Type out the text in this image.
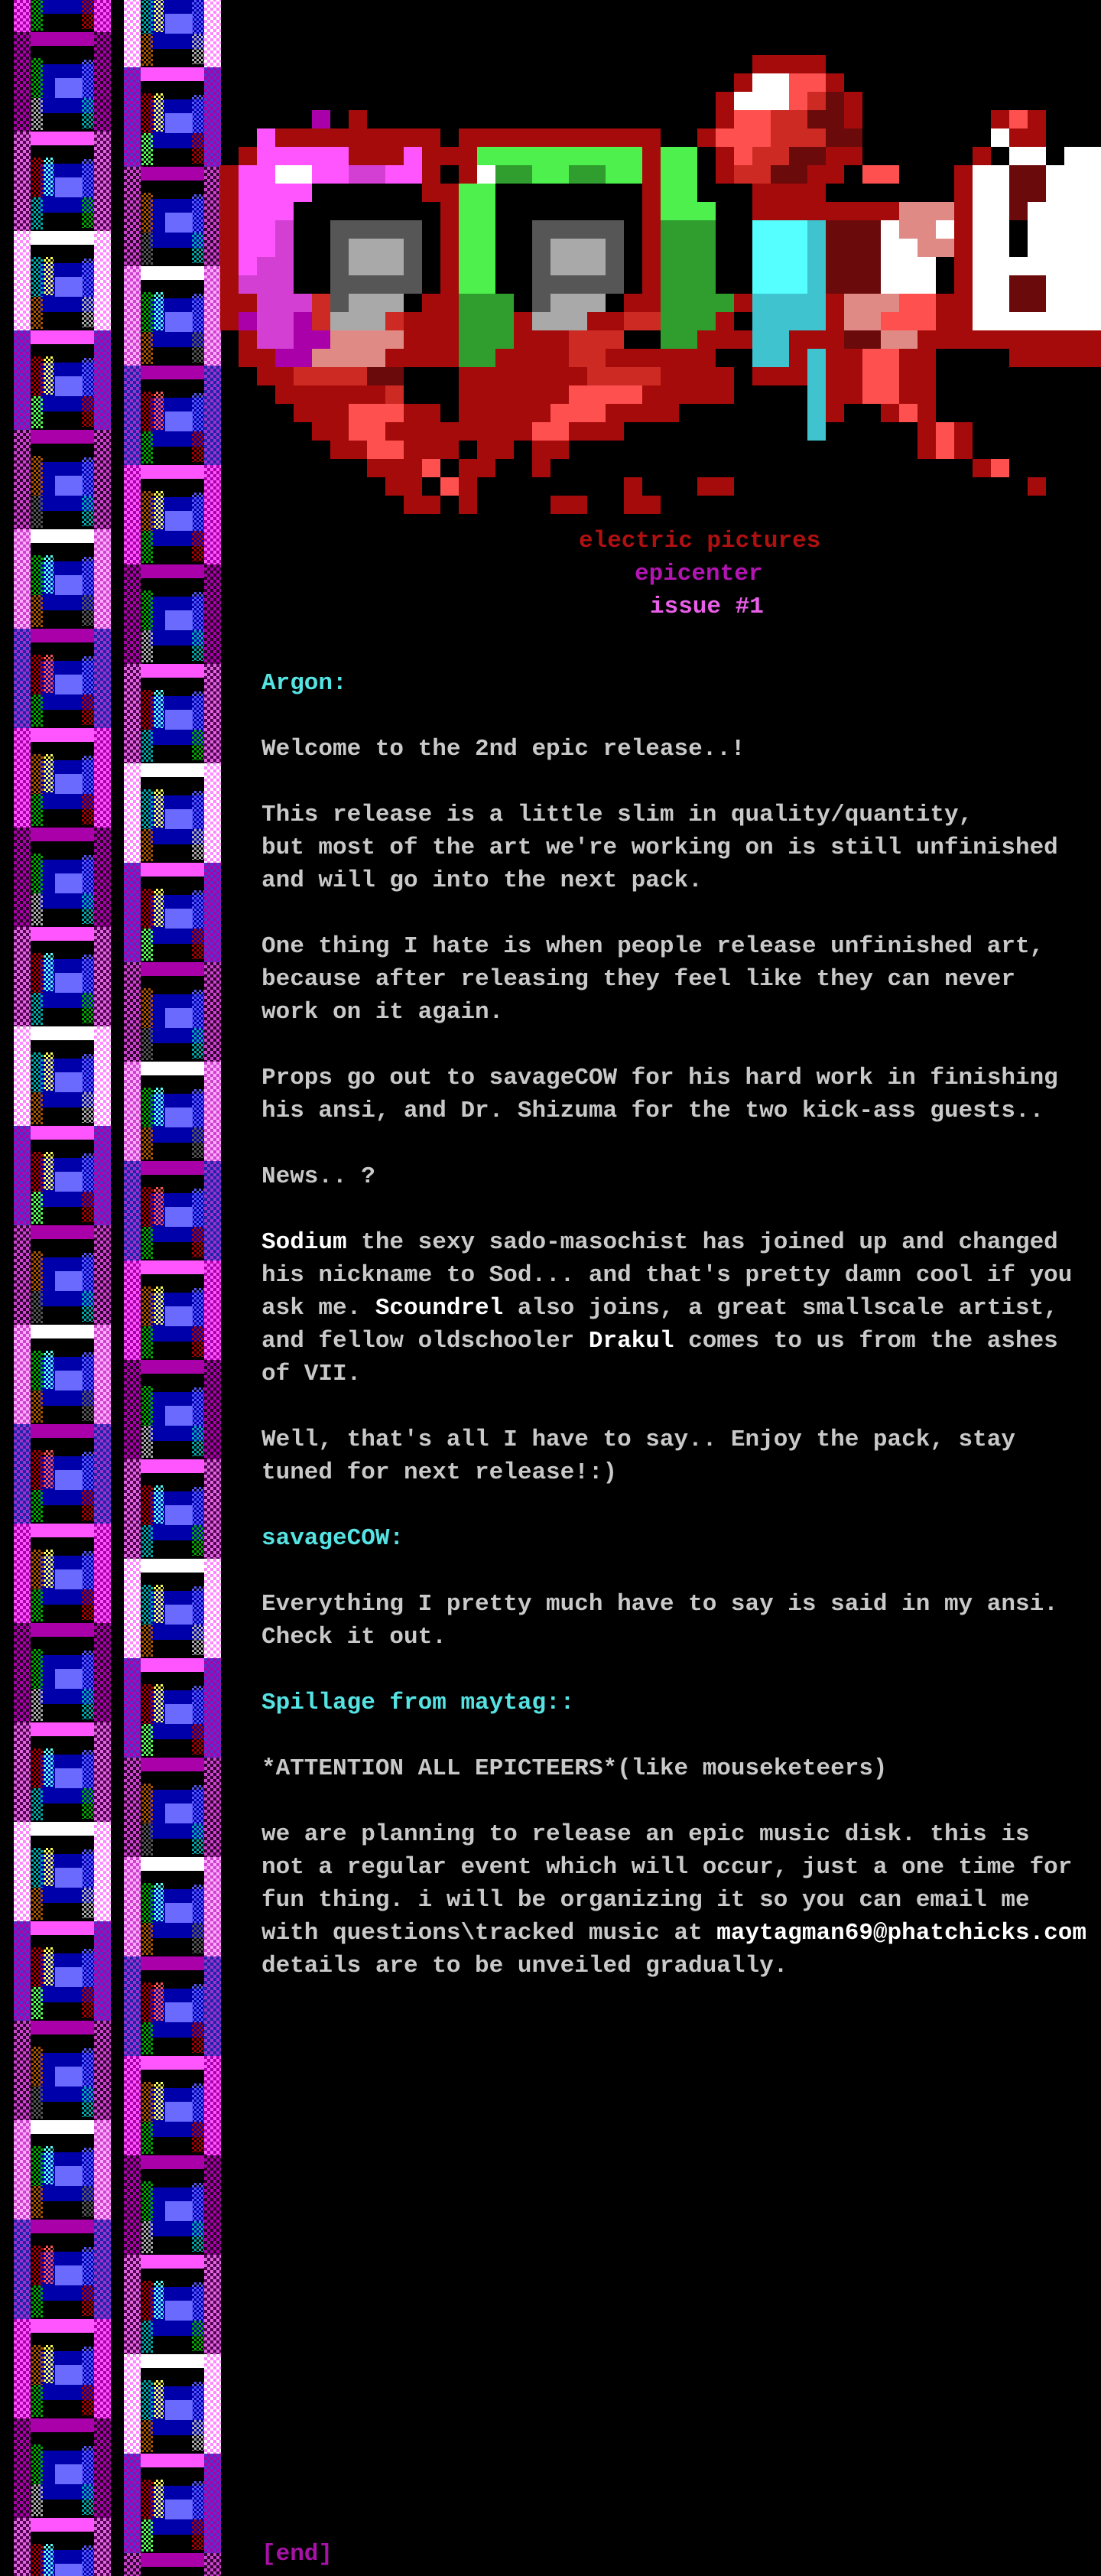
electric pictures
epicenter
issue #1
Argon:

Welcome to the 2nd epic release..!

This release is a little slim in quality/quantity,
but most of the art we're working on is still unfinished
and will go into the next pack.

One thing I hate is when people release unfinished art,
because after releasing they feel like they can never
work on it again.

Props go out to savageCOW for his hard work in finishing
his ansi, and Dr. Shizuma for the two kick-ass guests..

News.. ?

Sodium the sexy sado-masochist has joined up and changed
his nickname to Sod... and that's pretty damn cool if you
ask me. Scoundrel also joins, a great smallscale artist,
and fellow oldschooler Drakul comes to us from the ashes
of VII.

Well, that's all I have to say.. Enjoy the pack, stay
tuned for next release!:)

savageCOW:

Everything I pretty much have to say is said in my ansi.
Check it out.

Spillage from maytag::

*ATTENTION ALL EPICTEERS*(like mouseketeers)

we are planning to release an epic music disk. this is
not a regular event which will occur, just a one time for
fun thing. i will be organizing it so you can email me
with questions\tracked music at maytagman69@phatchicks.com
details are to be unveiled gradually.
[end]
